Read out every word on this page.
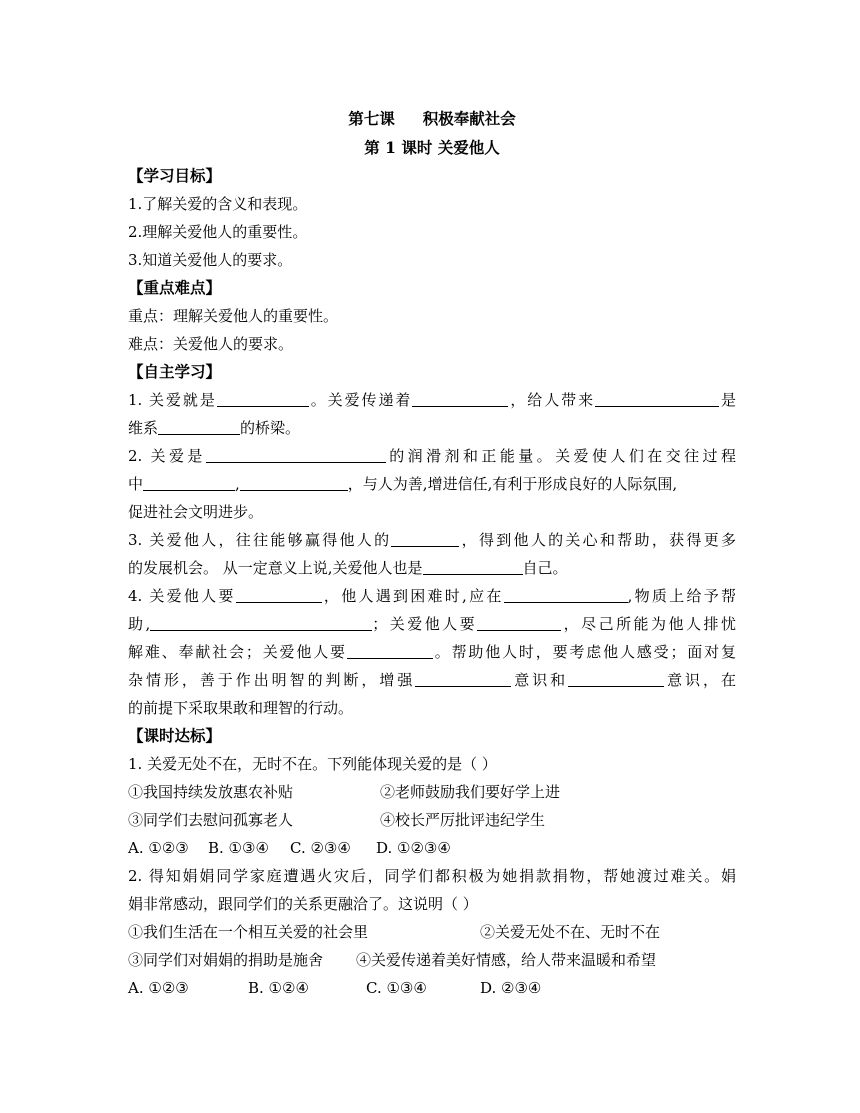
第七课 积极奉献社会
第 1 课时 关爱他人
【学习目标】
1.了解关爱的含义和表现。
2.理解关爱他人的重要性。
3.知道关爱他人的要求。
【重点难点】
重点：理解关爱他人的重要性。
难点：关爱他人的要求。
【自主学习】
1. 关爱就是	。关爱传递着	，给人带来	是
维系	的桥梁。
2. 关爱是	的润滑剂和正能量。关爱使人们在交往过程
中	,	，与人为善,增进信任,有利于形成良好的人际氛围,
促进社会文明进步。
3. 关爱他人，往往能够赢得他人的	，得到他人的关心和帮助，获得更多
的发展机会。 从一定意义上说,关爱他人也是	自己。
4. 关爱他人要	，他人遇到困难时,应在	,物质上给予帮
助,	；关爱他人要	，尽己所能为他人排忧
解难、奉献社会；关爱他人要	。帮助他人时，要考虑他人感受；面对复
杂情形，善于作出明智的判断，增强	意识和	意识，在
的前提下采取果敢和理智的行动。
【课时达标】
1. 关爱无处不在，无时不在。下列能体现关爱的是（ ）
①我国持续发放惠农补贴	②老师鼓励我们要好学上进
③同学们去慰问孤寡老人	④校长严厉批评违纪学生
A. ①②③ B. ①③④ C. ②③④ D. ①②③④
2. 得知娟娟同学家庭遭遇火灾后，同学们都积极为她捐款捐物，帮她渡过难关。娟
娟非常感动，跟同学们的关系更融洽了。这说明（ ）
①我们生活在一个相互关爱的社会里	②关爱无处不在、无时不在
③同学们对娟娟的捐助是施舍 ④关爱传递着美好情感，给人带来温暖和希望
A. ①②③	B. ①②④	C. ①③④	D. ②③④
